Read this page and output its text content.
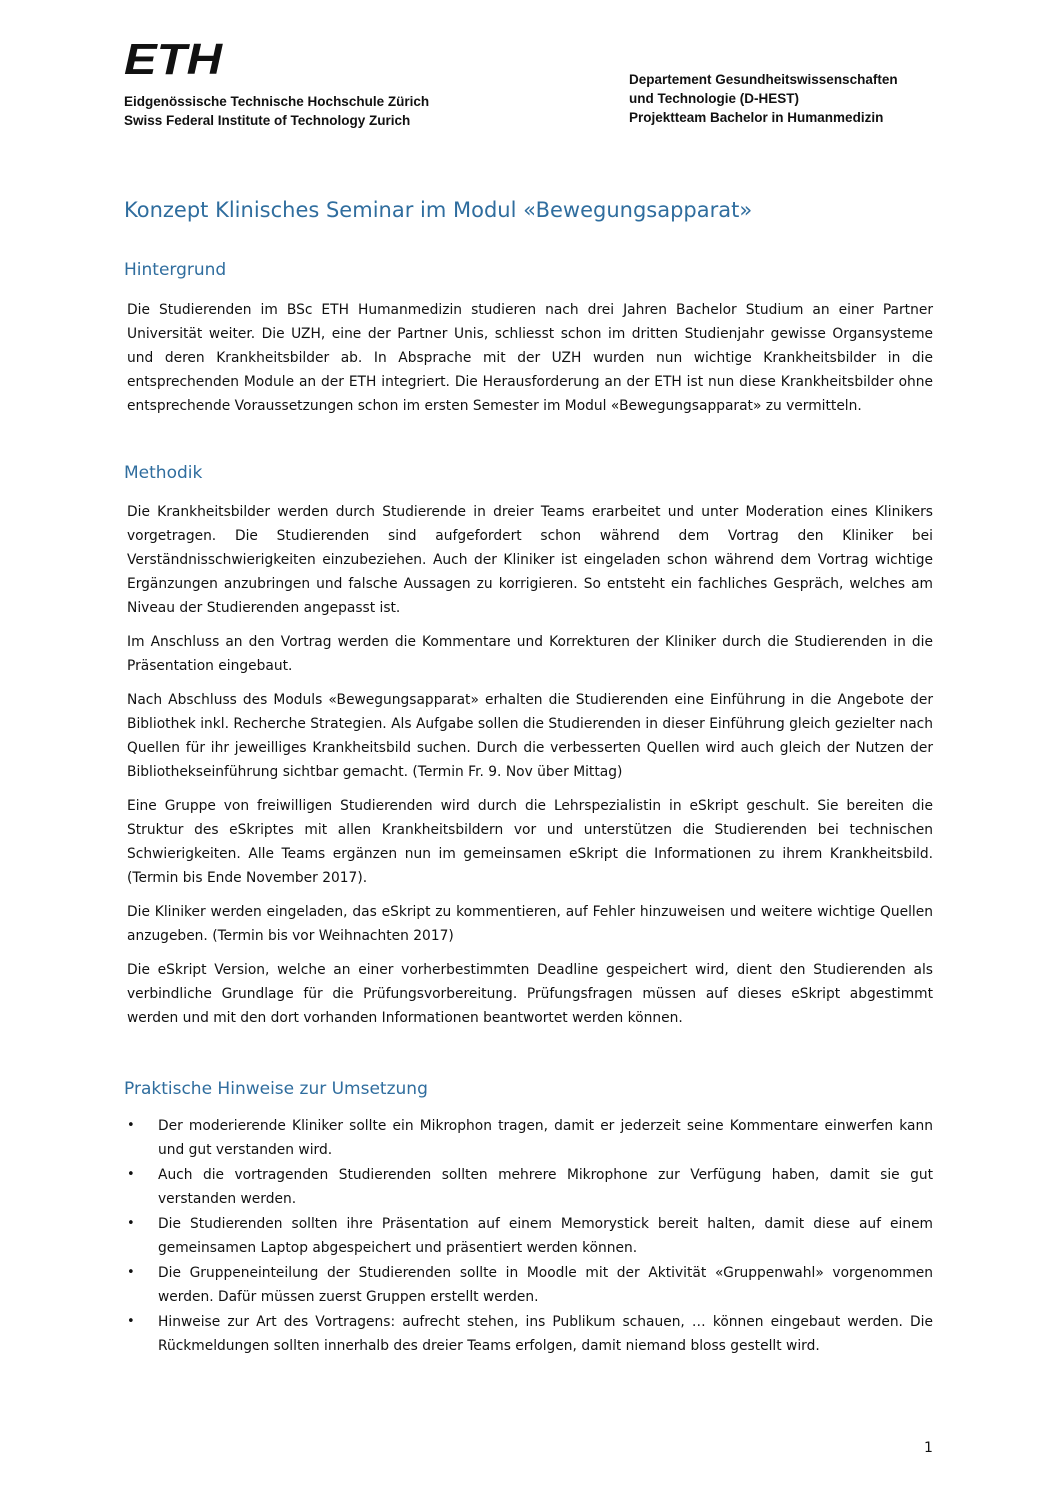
ETH
Eidgenössische Technische Hochschule Zürich
Swiss Federal Institute of Technology Zurich
Departement Gesundheitswissenschaften
und Technologie (D-HEST)
Projektteam Bachelor in Humanmedizin
Konzept Klinisches Seminar im Modul «Bewegungsapparat»
Hintergrund

Die Studierenden im BSc ETH Humanmedizin studieren nach drei Jahren Bachelor Studium an einer Partner Universität weiter. Die UZH, eine der Partner Unis, schliesst schon im dritten Studienjahr gewisse Organsysteme und deren Krankheitsbilder ab. In Absprache mit der UZH wurden nun wichtige Krankheitsbilder in die entsprechenden Module an der ETH integriert. Die Herausforderung an der ETH ist nun diese Krankheitsbilder ohne entsprechende Voraussetzungen schon im ersten Semester im Modul «Bewegungsapparat» zu vermitteln.

Methodik

Die Krankheitsbilder werden durch Studierende in dreier Teams erarbeitet und unter Moderation eines Klinikers vorgetragen. Die Studierenden sind aufgefordert schon während dem Vortrag den Kliniker bei Verständnisschwierigkeiten einzubeziehen. Auch der Kliniker ist eingeladen schon während dem Vortrag wichtige Ergänzungen anzubringen und falsche Aussagen zu korrigieren. So entsteht ein fachliches Gespräch, welches am Niveau der Studierenden angepasst ist.

Im Anschluss an den Vortrag werden die Kommentare und Korrekturen der Kliniker durch die Studierenden in die Präsentation eingebaut.

Nach Abschluss des Moduls «Bewegungsapparat» erhalten die Studierenden eine Einführung in die Angebote der Bibliothek inkl. Recherche Strategien. Als Aufgabe sollen die Studierenden in dieser Einführung gleich gezielter nach Quellen für ihr jeweilliges Krankheitsbild suchen. Durch die verbesserten Quellen wird auch gleich der Nutzen der Bibliothekseinführung sichtbar gemacht. (Termin Fr. 9. Nov über Mittag)

Eine Gruppe von freiwilligen Studierenden wird durch die Lehrspezialistin in eSkript geschult. Sie bereiten die Struktur des eSkriptes mit allen Krankheitsbildern vor und unterstützen die Studierenden bei technischen Schwierigkeiten. Alle Teams ergänzen nun im gemeinsamen eSkript die Informationen zu ihrem Krankheitsbild. (Termin bis Ende November 2017).

Die Kliniker werden eingeladen, das eSkript zu kommentieren, auf Fehler hinzuweisen und weitere wichtige Quellen anzugeben. (Termin bis vor Weihnachten 2017)

Die eSkript Version, welche an einer vorherbestimmten Deadline gespeichert wird, dient den Studierenden als verbindliche Grundlage für die Prüfungsvorbereitung. Prüfungsfragen müssen auf dieses eSkript abgestimmt werden und mit den dort vorhanden Informationen beantwortet werden können.

Praktische Hinweise zur Umsetzung
• Der moderierende Kliniker sollte ein Mikrophon tragen, damit er jederzeit seine Kommentare einwerfen kann und gut verstanden wird.
• Auch die vortragenden Studierenden sollten mehrere Mikrophone zur Verfügung haben, damit sie gut verstanden werden.
• Die Studierenden sollten ihre Präsentation auf einem Memorystick bereit halten, damit diese auf einem gemeinsamen Laptop abgespeichert und präsentiert werden können.
• Die Gruppeneinteilung der Studierenden sollte in Moodle mit der Aktivität «Gruppenwahl» vorgenommen werden. Dafür müssen zuerst Gruppen erstellt werden.
• Hinweise zur Art des Vortragens: aufrecht stehen, ins Publikum schauen, … können eingebaut werden. Die Rückmeldungen sollten innerhalb des dreier Teams erfolgen, damit niemand bloss gestellt wird.
1
